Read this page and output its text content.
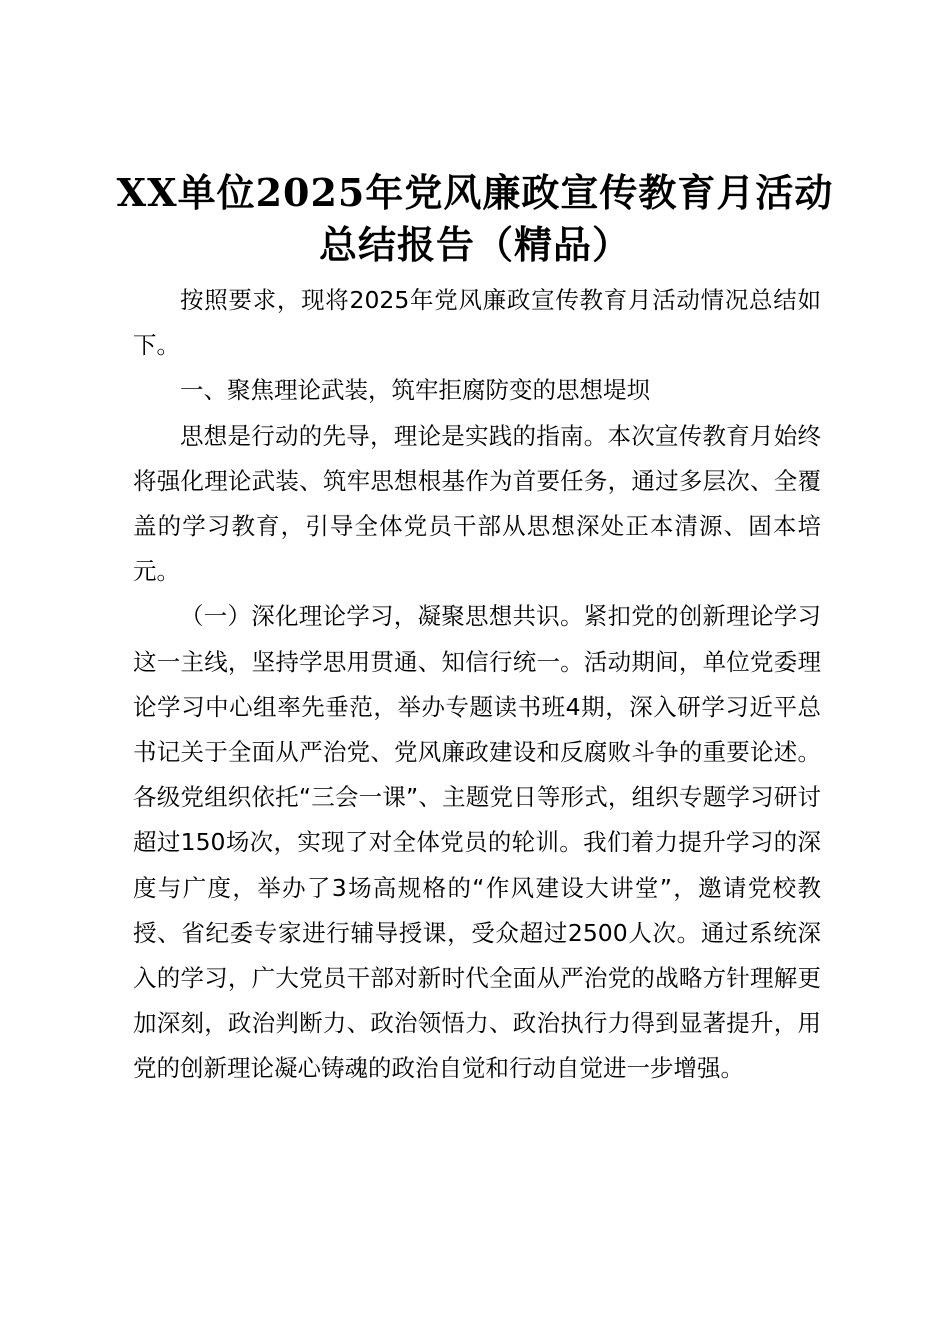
XX单位2025年党风廉政宣传教育月活动总结报告（精品）

按照要求，现将2025年党风廉政宣传教育月活动情况总结如下。

一、聚焦理论武装，筑牢拒腐防变的思想堤坝

思想是行动的先导，理论是实践的指南。本次宣传教育月始终将强化理论武装、筑牢思想根基作为首要任务，通过多层次、全覆盖的学习教育，引导全体党员干部从思想深处正本清源、固本培元。

（一）深化理论学习，凝聚思想共识。紧扣党的创新理论学习这一主线，坚持学思用贯通、知信行统一。活动期间，单位党委理论学习中心组率先垂范，举办专题读书班4期，深入研学习近平总书记关于全面从严治党、党风廉政建设和反腐败斗争的重要论述。各级党组织依托“三会一课”、主题党日等形式，组织专题学习研讨超过150场次，实现了对全体党员的轮训。我们着力提升学习的深度与广度，举办了3场高规格的“作风建设大讲堂”，邀请党校教授、省纪委专家进行辅导授课，受众超过2500人次。通过系统深入的学习，广大党员干部对新时代全面从严治党的战略方针理解更加深刻，政治判断力、政治领悟力、政治执行力得到显著提升，用党的创新理论凝心铸魂的政治自觉和行动自觉进一步增强。
